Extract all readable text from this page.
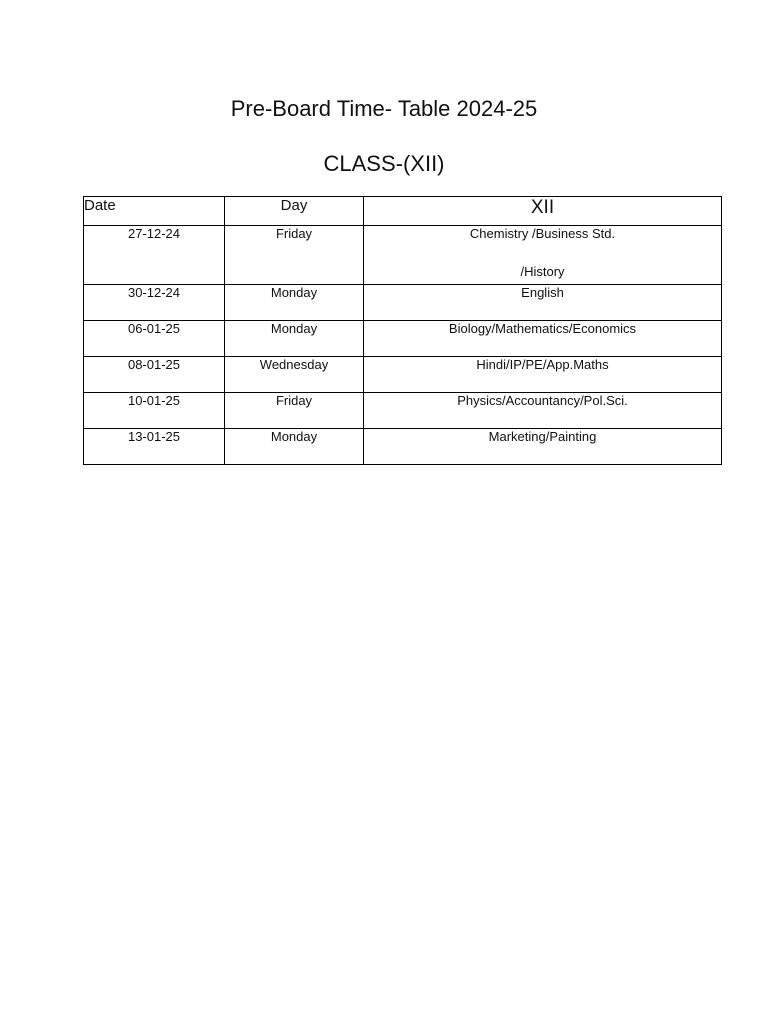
Pre-Board Time- Table 2024-25
CLASS-(XII)
Date	Day	XII
27-12-24	Friday	Chemistry /Business Std.
/History

30-12-24	Monday	English

06-01-25	Monday	Biology/Mathematics/Economics

08-01-25	Wednesday	Hindi/IP/PE/App.Maths

10-01-25	Friday	Physics/Accountancy/Pol.Sci.

13-01-25	Monday	Marketing/Painting
